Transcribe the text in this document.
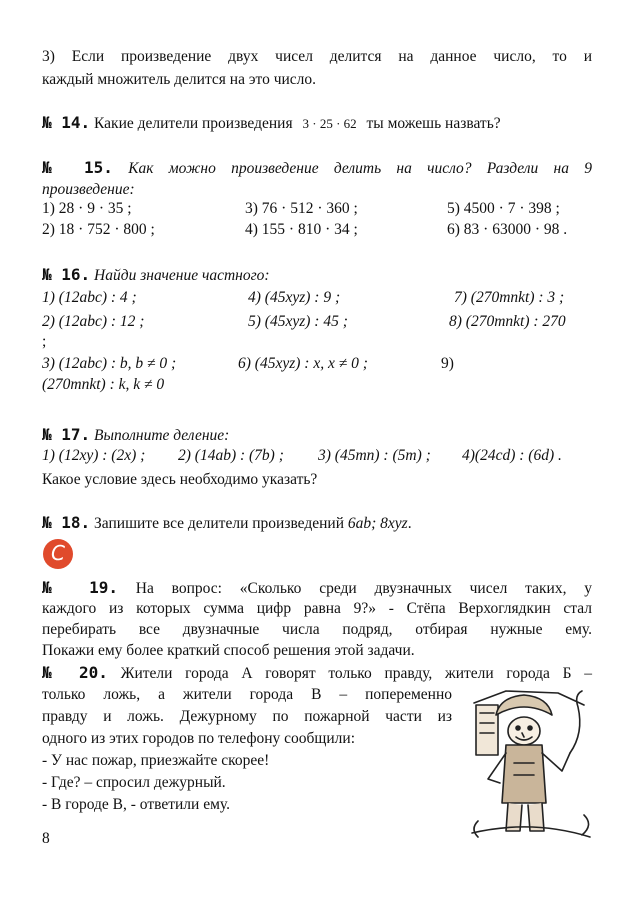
3) Если произведение двух чисел делится на данное число, то и
каждый множитель делится на это число.
№ 14. Какие делители произведения 3 · 25 · 62 ты можешь назвать?
№ 15. Как можно произведение делить на число? Раздели на 9
произведение:
1) 28 · 9 · 35 ;	3) 76 · 512 · 360 ;	5) 4500 · 7 · 398 ;
2) 18 · 752 · 800 ;	4) 155 · 810 · 34 ;	6) 83 · 63000 · 98 .
№ 16. Найди значение частного:
1) (12abc) : 4 ;	4) (45xyz) : 9 ;	7) (270mnkt) : 3 ;
2) (12abc) : 12 ;	5) (45xyz) : 45 ;	8) (270mnkt) : 270
;
3) (12abc) : b, b ≠ 0 ;	6) (45xyz) : x, x ≠ 0 ;	9)
(270mnkt) : k, k ≠ 0
№ 17. Выполните деление:
1) (12xy) : (2x) ; 2) (14ab) : (7b) ; 3) (45mn) : (5m) ; 4)(24cd) : (6d) .
Какое условие здесь необходимо указать?
№ 18. Запишите все делители произведений 6ab; 8xyz.
С
№ 19. На вопрос: «Сколько среди двузначных чисел таких, у
каждого из которых сумма цифр равна 9?» - Стёпа Верхоглядкин стал
перебирать все двузначные числа подряд, отбирая нужные ему.
Покажи ему более краткий способ решения этой задачи.
№ 20. Жители города А говорят только правду, жители города Б –
только ложь, а жители города В – попеременно
правду и ложь. Дежурному по пожарной части из
одного из этих городов по телефону сообщили:
- У нас пожар, приезжайте скорее!
- Где? – спросил дежурный.
- В городе В, - ответили ему.
8
